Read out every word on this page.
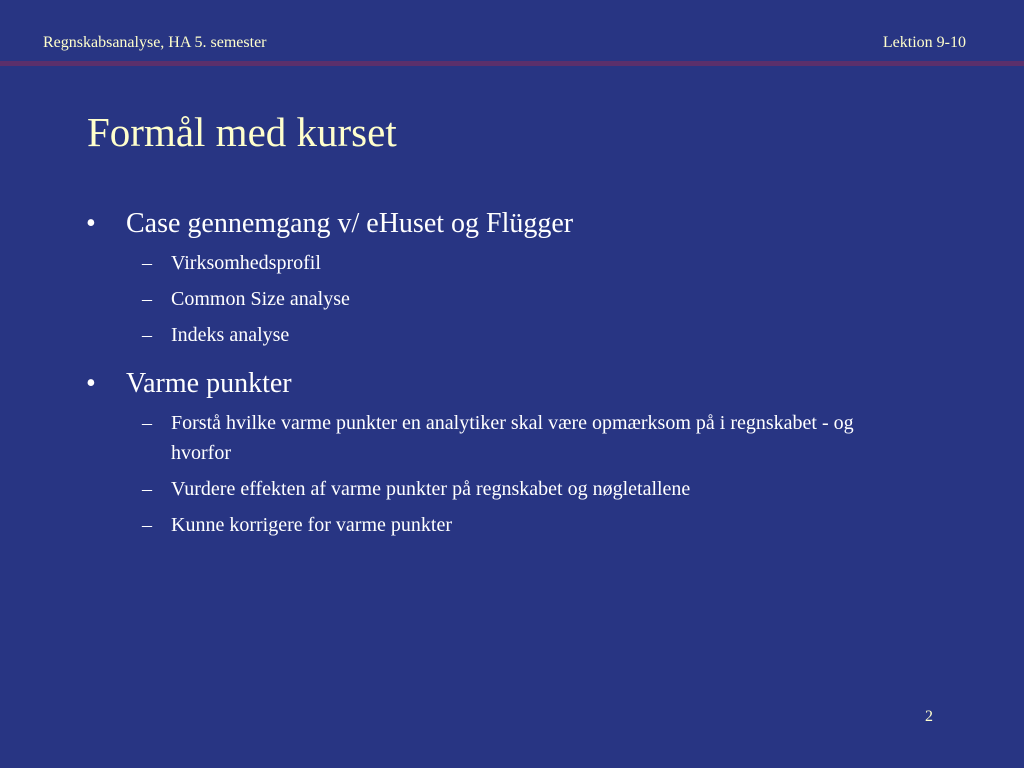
Regnskabsanalyse, HA 5. semester	Lektion 9-10
Formål med kurset
• Case gennemgang v/ eHuset og Flügger
– Virksomhedsprofil
– Common Size analyse
– Indeks analyse
• Varme punkter
– Forstå hvilke varme punkter en analytiker skal være opmærksom på i regnskabet - og hvorfor
– Vurdere effekten af varme punkter på regnskabet og nøgletallene
– Kunne korrigere for varme punkter
2
